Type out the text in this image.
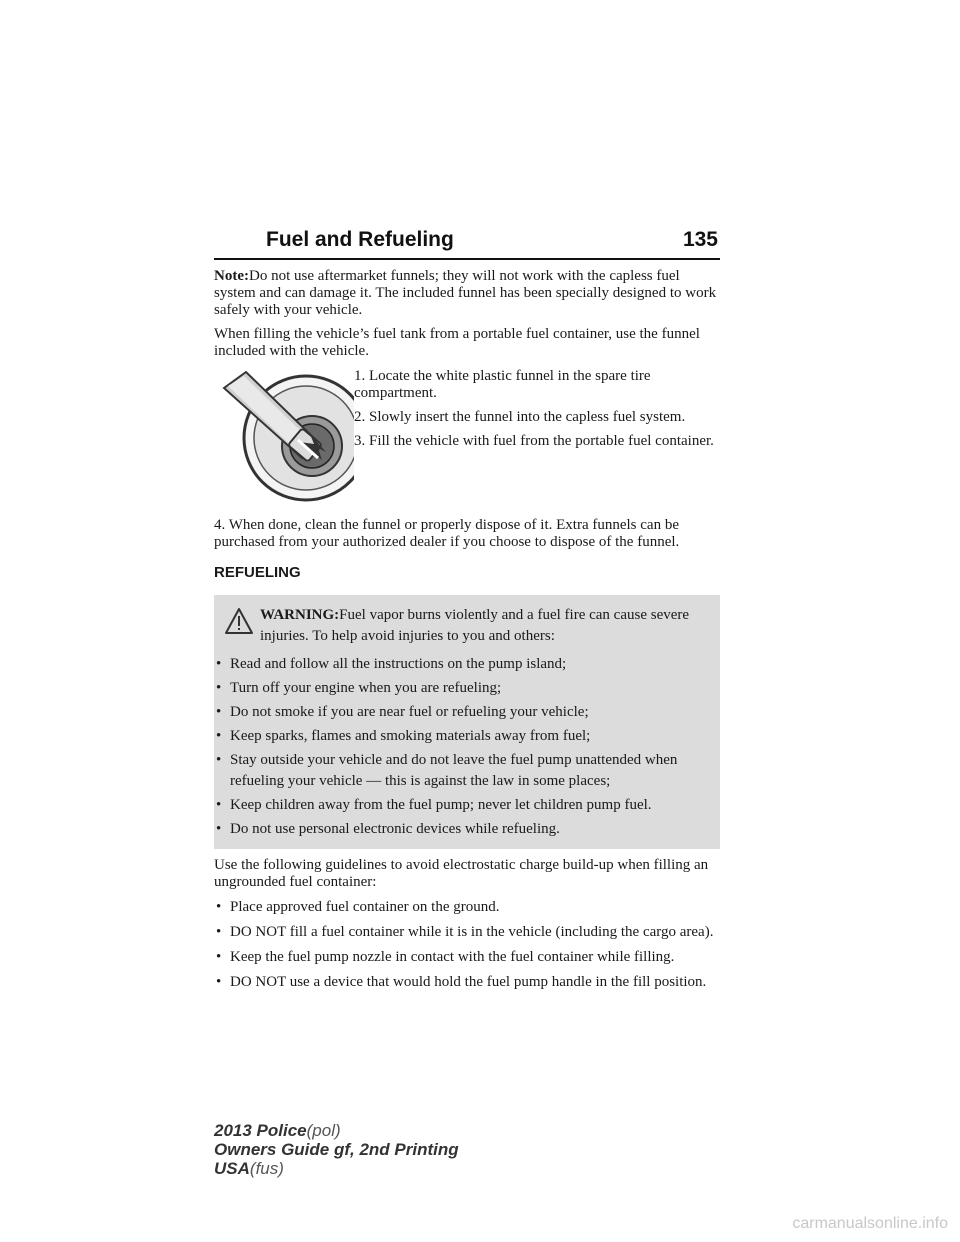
Fuel and Refueling	135

Note:Do not use aftermarket funnels; they will not work with the capless fuel system and can damage it. The included funnel has been specially designed to work safely with your vehicle.

When filling the vehicle’s fuel tank from a portable fuel container, use the funnel included with the vehicle.

1. Locate the white plastic funnel in the spare tire compartment.

2. Slowly insert the funnel into the capless fuel system.

3. Fill the vehicle with fuel from the portable fuel container.

4. When done, clean the funnel or properly dispose of it. Extra funnels can be purchased from your authorized dealer if you choose to dispose of the funnel.

REFUELING
WARNING:Fuel vapor burns violently and a fuel fire can cause severe injuries. To help avoid injuries to you and others:
• Read and follow all the instructions on the pump island;
• Turn off your engine when you are refueling;
• Do not smoke if you are near fuel or refueling your vehicle;
• Keep sparks, flames and smoking materials away from fuel;
• Stay outside your vehicle and do not leave the fuel pump unattended when refueling your vehicle — this is against the law in some places;
• Keep children away from the fuel pump; never let children pump fuel.
• Do not use personal electronic devices while refueling.

Use the following guidelines to avoid electrostatic charge build-up when filling an ungrounded fuel container:

• Place approved fuel container on the ground.
• DO NOT fill a fuel container while it is in the vehicle (including the cargo area).
• Keep the fuel pump nozzle in contact with the fuel container while filling.
• DO NOT use a device that would hold the fuel pump handle in the fill position.
2013 Police(pol)
Owners Guide gf, 2nd Printing
USA(fus)
carmanualsonline.info
